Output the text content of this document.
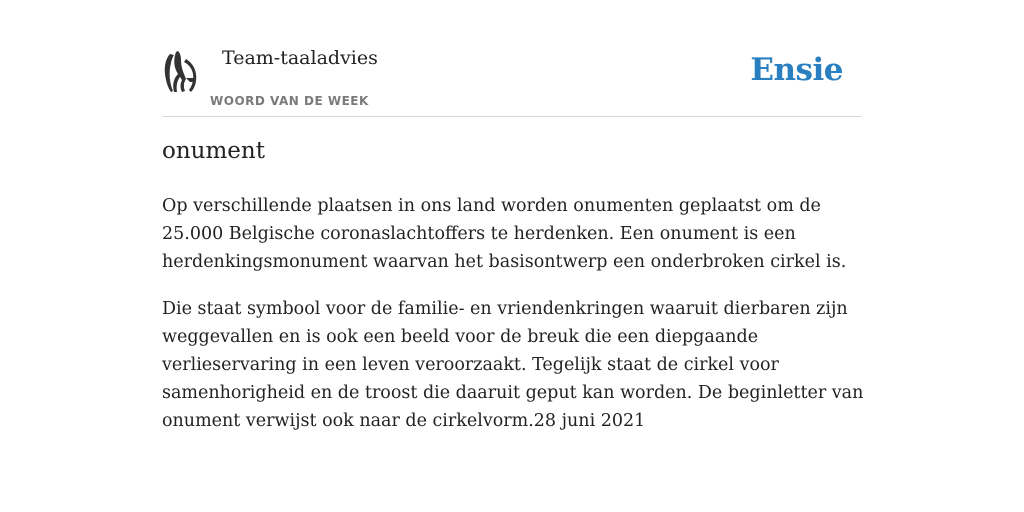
Team-taaladvies
WOORD VAN DE WEEK
Ensie
onument

Op verschillende plaatsen in ons land worden onumenten geplaatst om de 25.000 Belgische coronaslachtoffers te herdenken. Een onument is een herdenkingsmonument waarvan het basisontwerp een onderbroken cirkel is.

Die staat symbool voor de familie- en vriendenkringen waaruit dierbaren zijn weggevallen en is ook een beeld voor de breuk die een diepgaande verlieservaring in een leven veroorzaakt. Tegelijk staat de cirkel voor samenhorigheid en de troost die daaruit geput kan worden. De beginletter van onument verwijst ook naar de cirkelvorm.28 juni 2021
